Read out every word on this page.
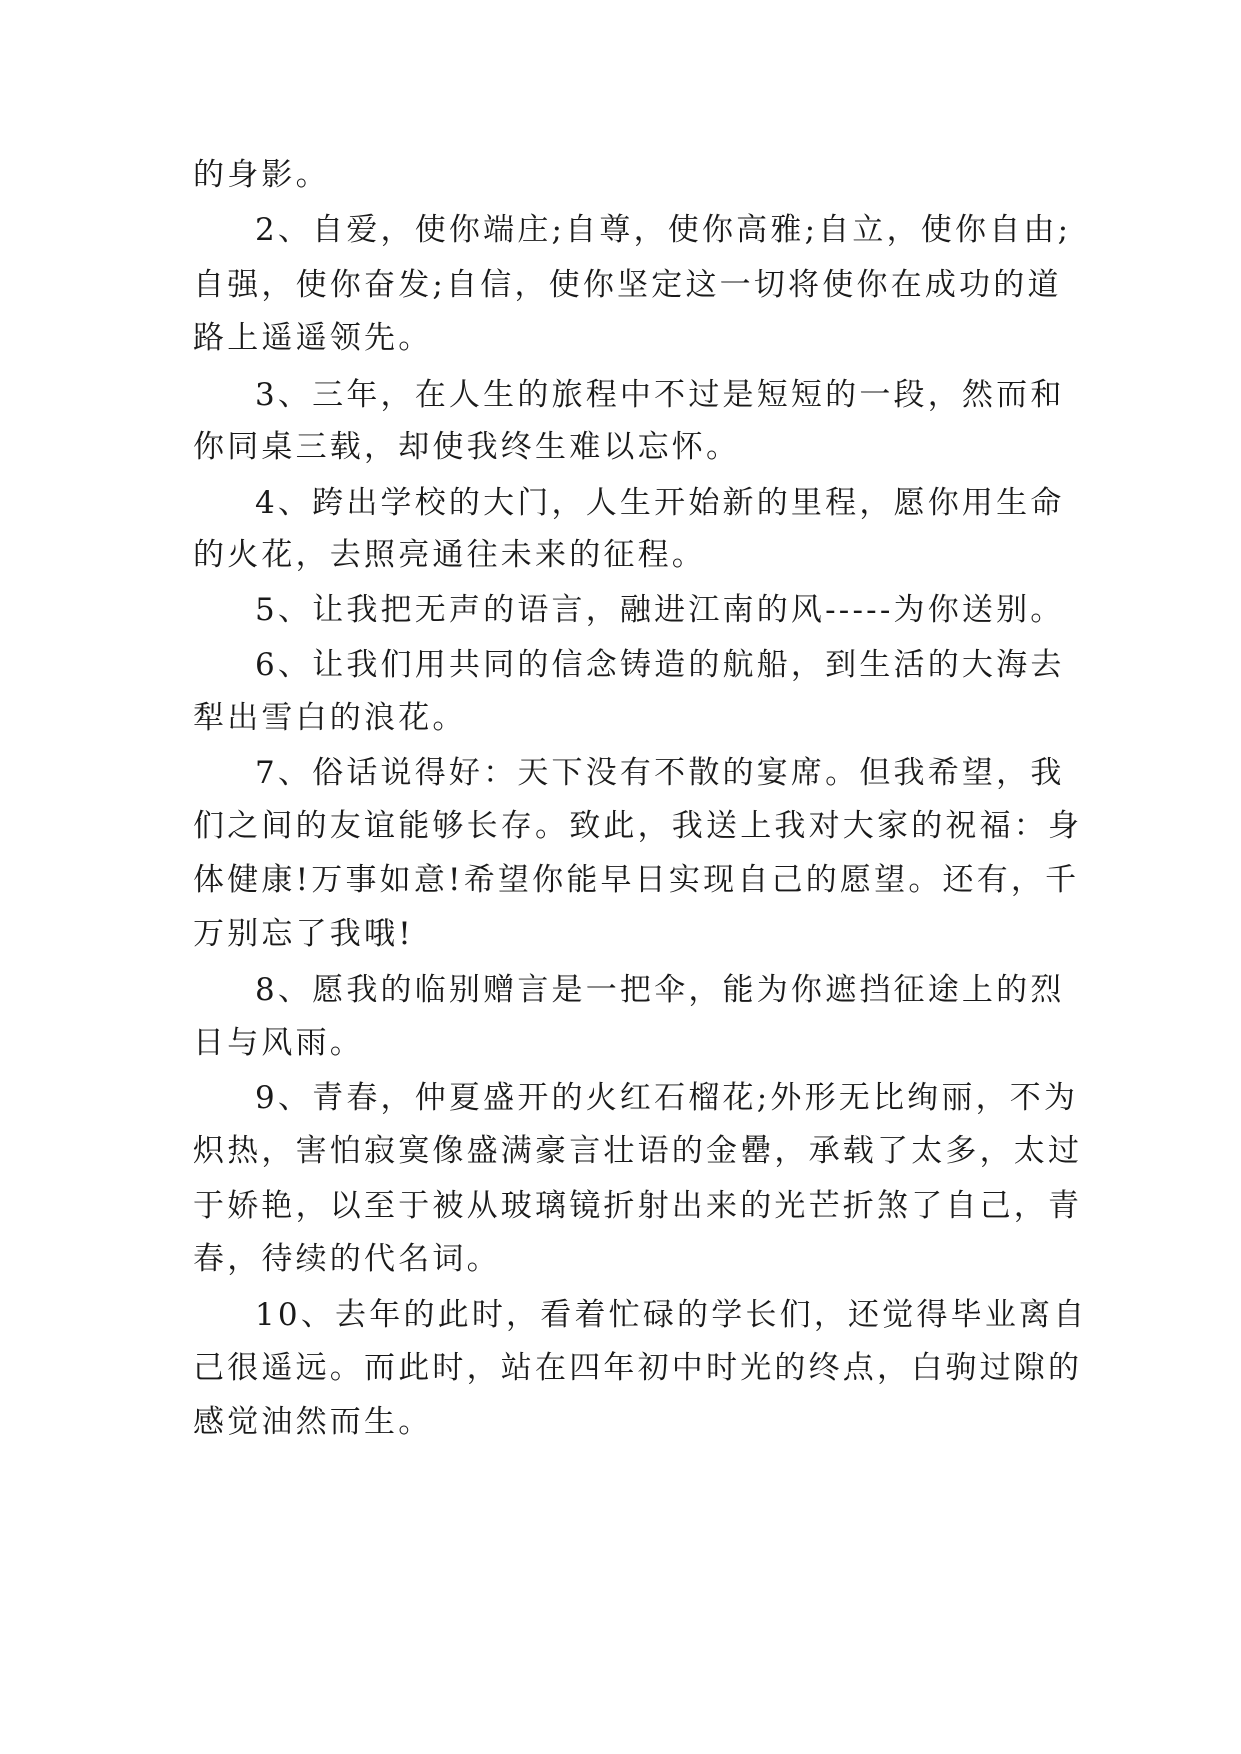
的身影。
2、自爱，使你端庄;自尊，使你高雅;自立，使你自由;
自强，使你奋发;自信，使你坚定这一切将使你在成功的道
路上遥遥领先。
3、三年，在人生的旅程中不过是短短的一段，然而和
你同桌三载，却使我终生难以忘怀。
4、跨出学校的大门，人生开始新的里程，愿你用生命
的火花，去照亮通往未来的征程。
5、让我把无声的语言，融进江南的风-----为你送别。
6、让我们用共同的信念铸造的航船，到生活的大海去
犁出雪白的浪花。
7、俗话说得好：天下没有不散的宴席。但我希望，我
们之间的友谊能够长存。致此，我送上我对大家的祝福：身
体健康!万事如意!希望你能早日实现自己的愿望。还有，千
万别忘了我哦!
8、愿我的临别赠言是一把伞，能为你遮挡征途上的烈
日与风雨。
9、青春，仲夏盛开的火红石榴花;外形无比绚丽，不为
炽热，害怕寂寞像盛满豪言壮语的金罍，承载了太多，太过
于娇艳，以至于被从玻璃镜折射出来的光芒折煞了自己，青
春，待续的代名词。
10、去年的此时，看着忙碌的学长们，还觉得毕业离自
己很遥远。而此时，站在四年初中时光的终点，白驹过隙的
感觉油然而生。
